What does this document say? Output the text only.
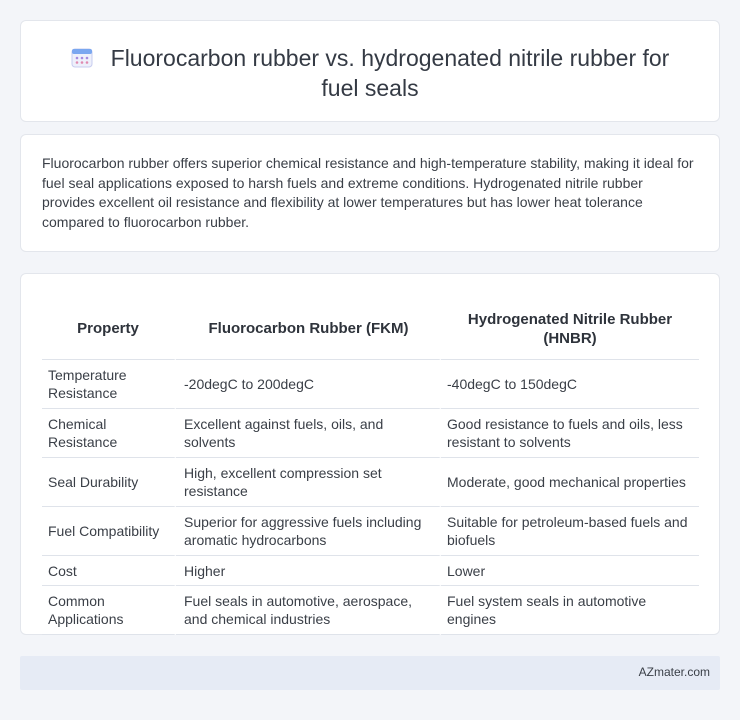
Fluorocarbon rubber vs. hydrogenated nitrile rubber for fuel seals

Fluorocarbon rubber offers superior chemical resistance and high-temperature stability, making it ideal for fuel seal applications exposed to harsh fuels and extreme conditions. Hydrogenated nitrile rubber provides excellent oil resistance and flexibility at lower temperatures but has lower heat tolerance compared to fluorocarbon rubber.

Property	Fluorocarbon Rubber (FKM)	Hydrogenated Nitrile Rubber (HNBR)
Temperature Resistance	-20degC to 200degC	-40degC to 150degC
Chemical Resistance	Excellent against fuels, oils, and solvents	Good resistance to fuels and oils, less resistant to solvents
Seal Durability	High, excellent compression set resistance	Moderate, good mechanical properties
Fuel Compatibility	Superior for aggressive fuels including aromatic hydrocarbons	Suitable for petroleum-based fuels and biofuels
Cost	Higher	Lower
Common Applications	Fuel seals in automotive, aerospace, and chemical industries	Fuel system seals in automotive engines
AZmater.com
